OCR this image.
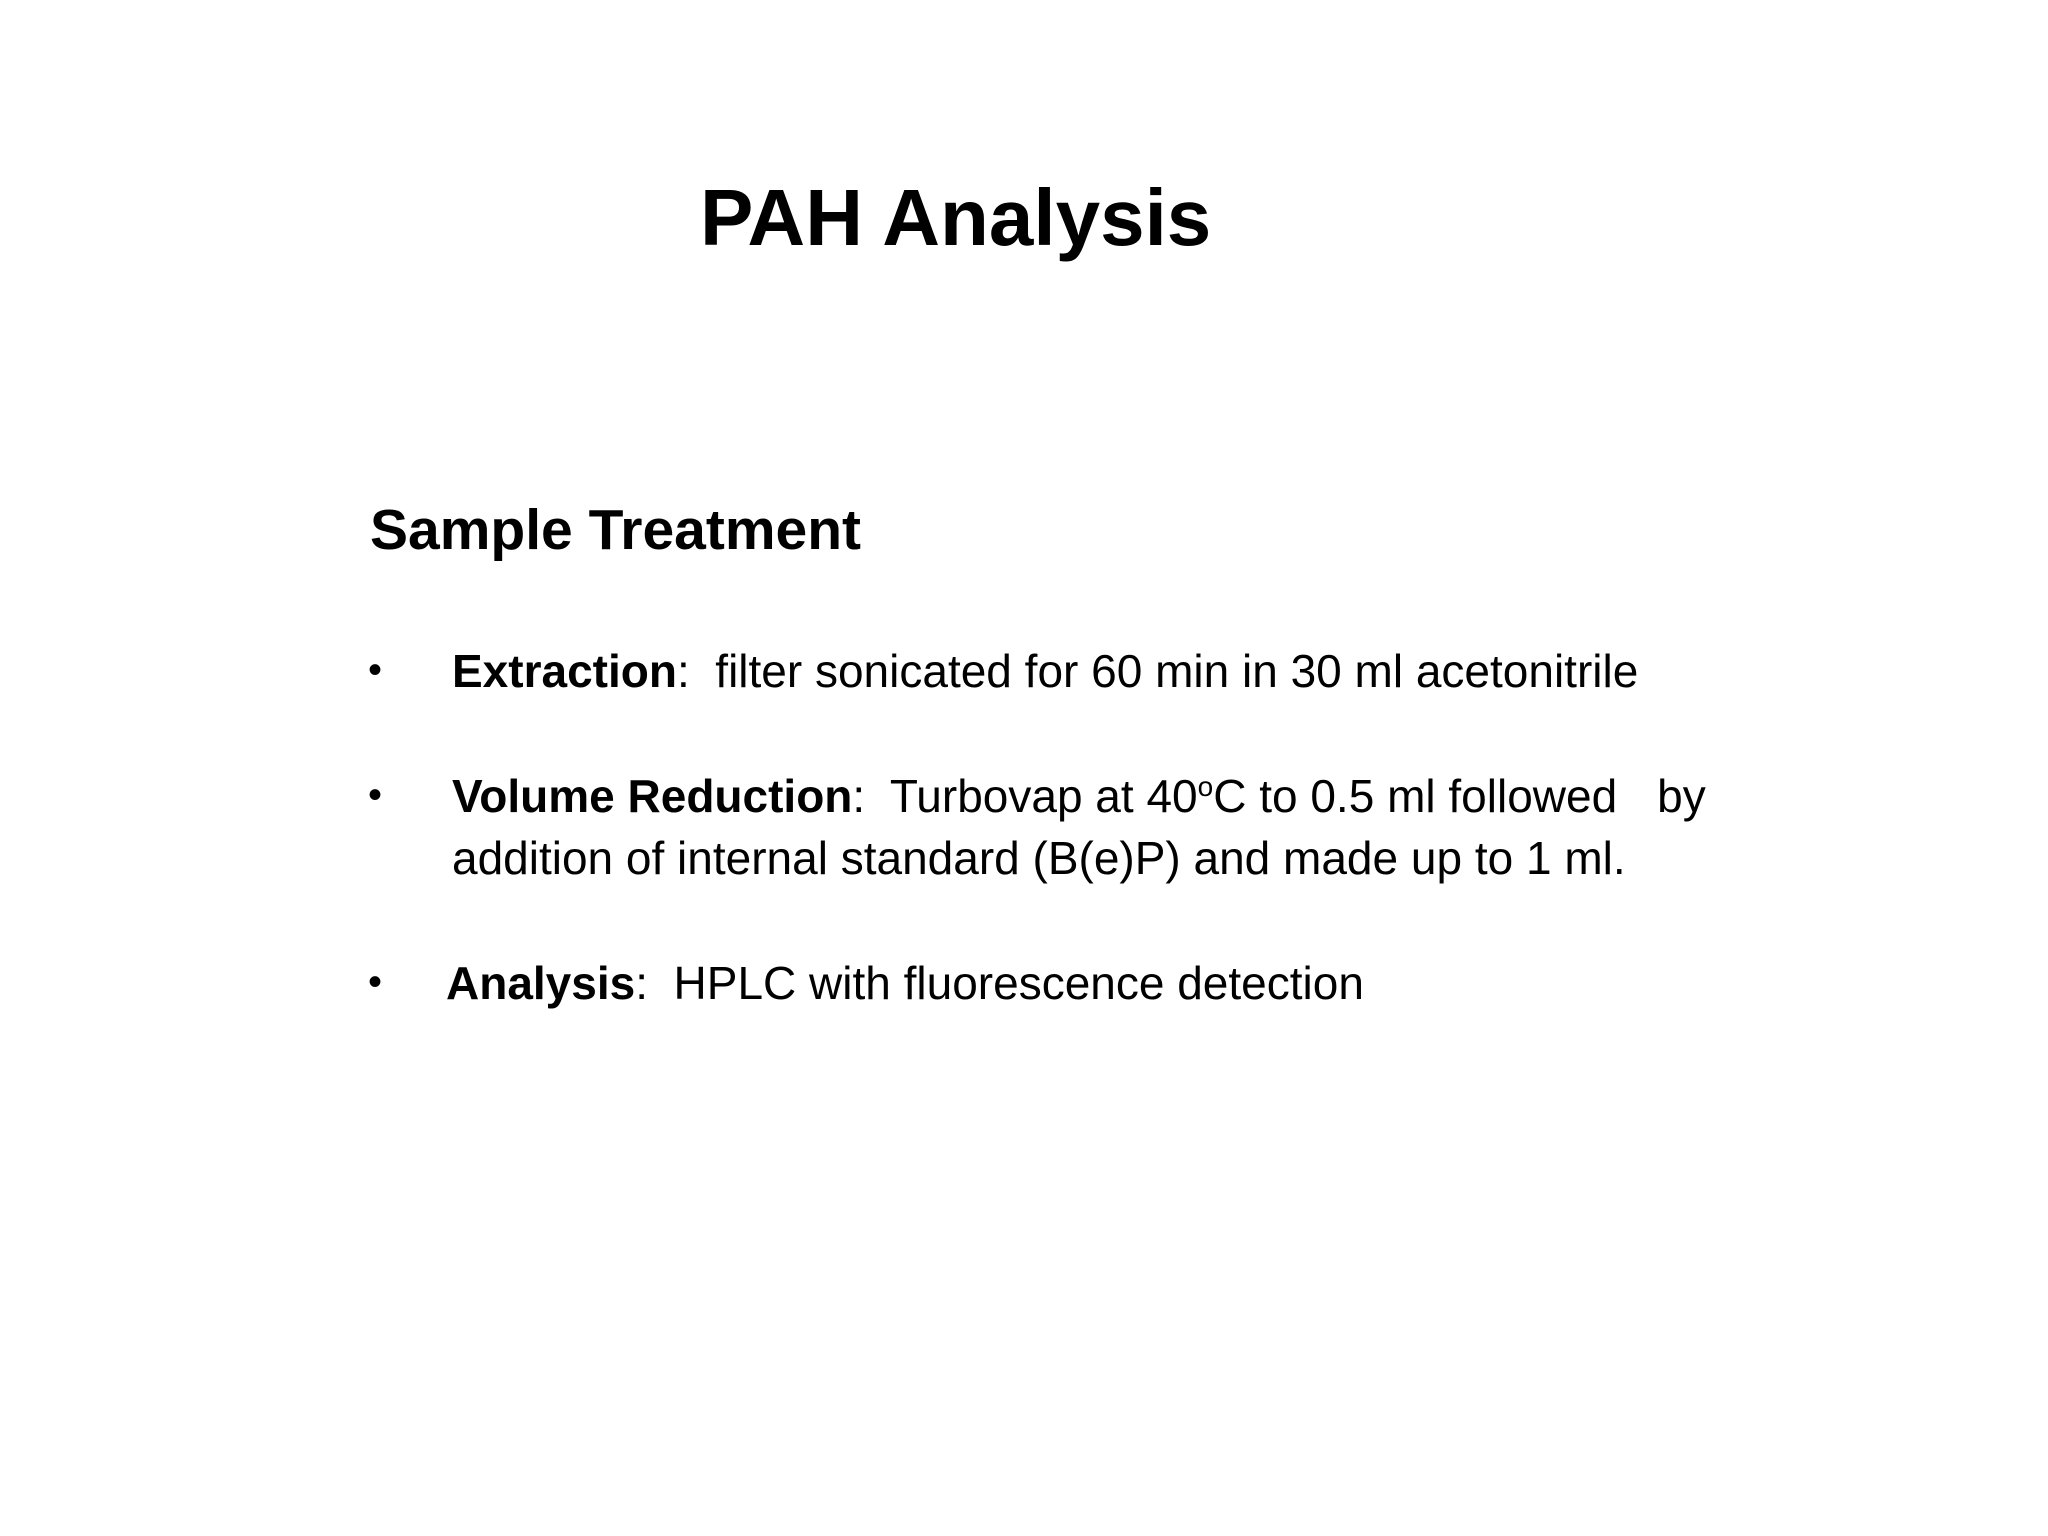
PAH Analysis
Sample Treatment
• Extraction:  filter sonicated for 60 min in 30 ml acetonitrile
• Volume Reduction:  Turbovap at 40$^o$C to 0.5 ml followed by
addition of internal standard (B(e)P) and made up to 1 ml.
• Analysis:  HPLC with fluorescence detection
